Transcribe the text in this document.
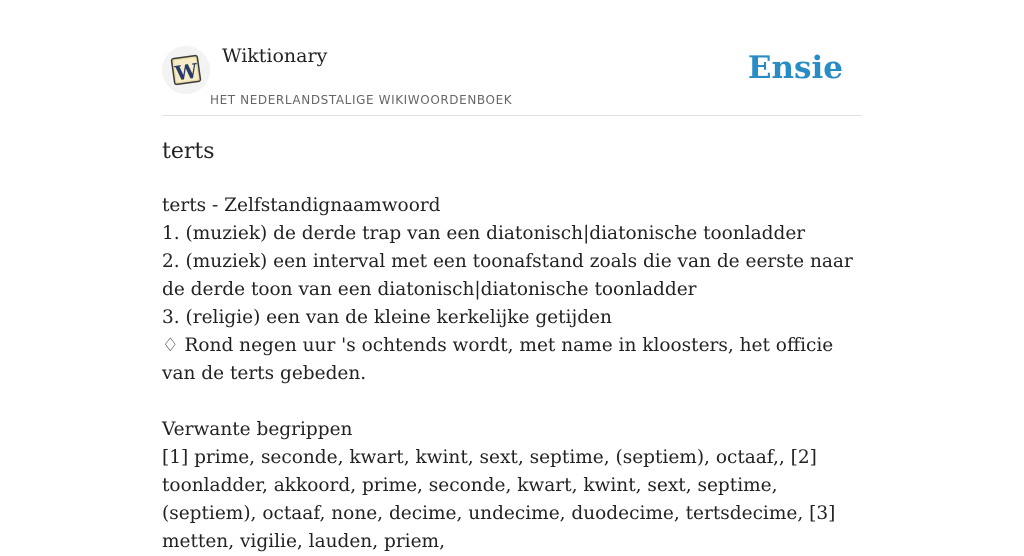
W
Wiktionary
HET NEDERLANDSTALIGE WIKIWOORDENBOEK
Ensie
terts

terts - Zelfstandignaamwoord

1. (muziek) de derde trap van een diatonisch|diatonische toonladder

2. (muziek) een interval met een toonafstand zoals die van de eerste naar de derde toon van een diatonisch|diatonische toonladder

3. (religie) een van de kleine kerkelijke getijden

♢ Rond negen uur 's ochtends wordt, met name in kloosters, het officie van de terts gebeden.

Verwante begrippen

[1] prime, seconde, kwart, kwint, sext, septime, (septiem), octaaf,, [2] toonladder, akkoord, prime, seconde, kwart, kwint, sext, septime, (septiem), octaaf, none, decime, undecime, duodecime, tertsdecime, [3] metten, vigilie, lauden, priem,
